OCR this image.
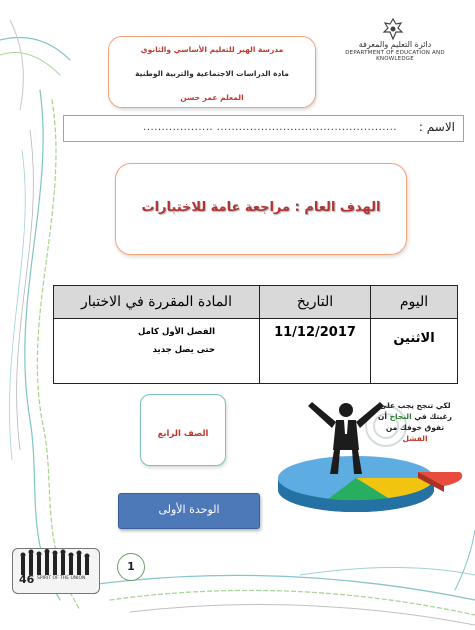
دائرة التعليم والمعرفة
DEPARTMENT OF EDUCATION AND KNOWLEDGE
مدرسة الهير للتعليم الأساسي والثانوي
مادة الدراسات الاجتماعية والتربية الوطنية
المعلم عمر حسن
الاسم :
................................................. ...................
الهدف العام : مراجعة عامة للاختبارات
اليوم	التاريخ	المادة المقررة في الاختبار
الاثنين	11/12/2017	الفصل الأول كامل
حتى يصل جديد
الصف الرابع
الوحدة الأولى
لكي تنجح يجب على
رغبتك في النجاح أن
تفوق خوفك من
الفشل
46 SPIRIT OF THE UNION
1
